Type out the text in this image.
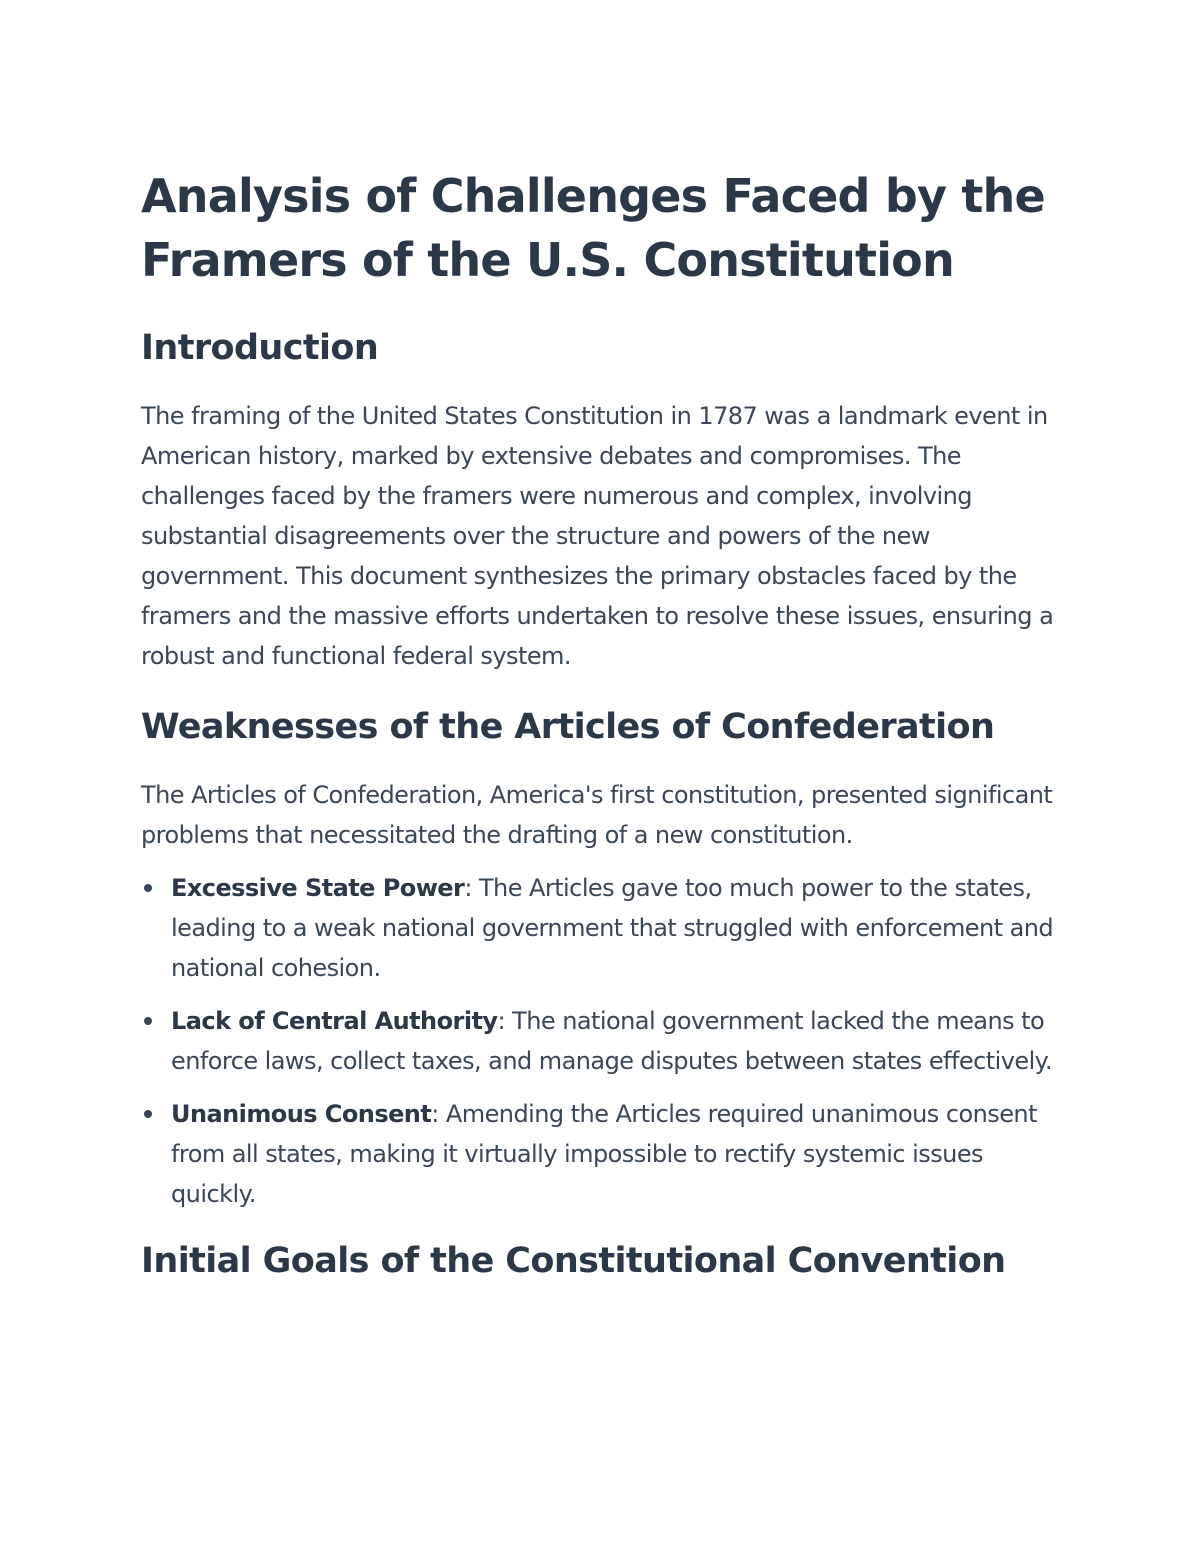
Analysis of Challenges Faced by the Framers of the U.S. Constitution
Introduction

The framing of the United States Constitution in 1787 was a landmark event in American history, marked by extensive debates and compromises. The challenges faced by the framers were numerous and complex, involving substantial disagreements over the structure and powers of the new government. This document synthesizes the primary obstacles faced by the framers and the massive efforts undertaken to resolve these issues, ensuring a robust and functional federal system.

Weaknesses of the Articles of Confederation

The Articles of Confederation, America's first constitution, presented significant problems that necessitated the drafting of a new constitution.

Excessive State Power: The Articles gave too much power to the states, leading to a weak national government that struggled with enforcement and national cohesion.
Lack of Central Authority: The national government lacked the means to enforce laws, collect taxes, and manage disputes between states effectively.
Unanimous Consent: Amending the Articles required unanimous consent from all states, making it virtually impossible to rectify systemic issues quickly.
Initial Goals of the Constitutional Convention
